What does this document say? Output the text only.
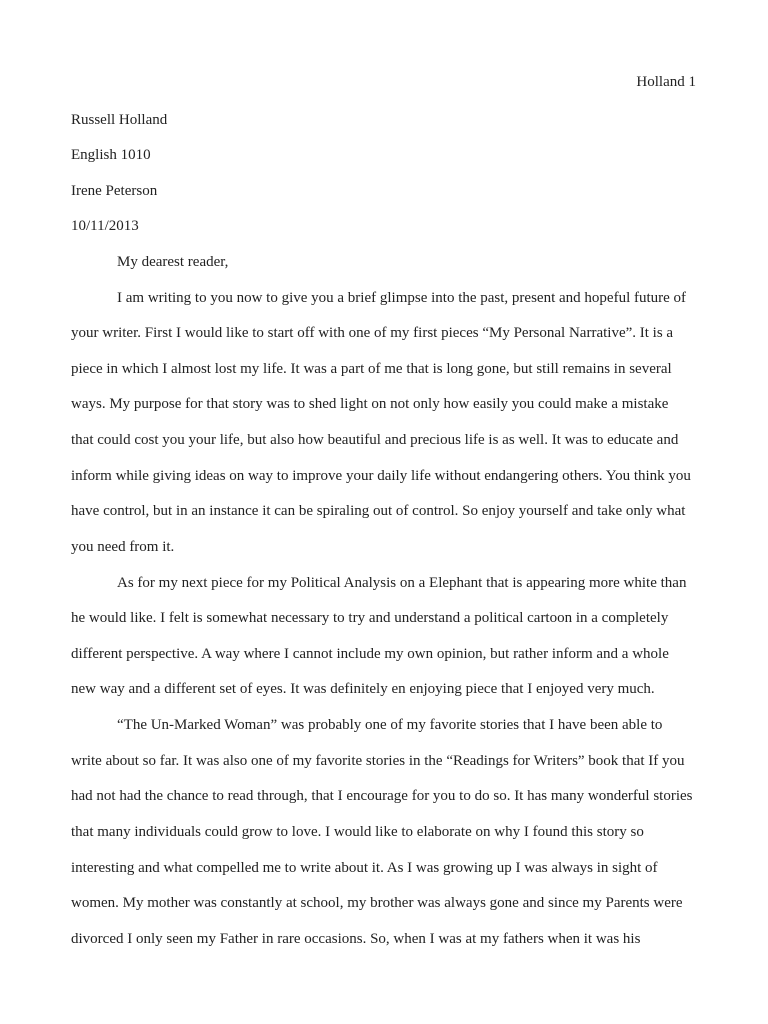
Holland 1
Russell Holland
English 1010
Irene Peterson
10/11/2013
My dearest reader,
I am writing to you now to give you a brief glimpse into the past, present and hopeful future of
your writer. First I would like to start off with one of my first pieces “My Personal Narrative”. It is a
piece in which I almost lost my life. It was a part of me that is long gone, but still remains in several
ways. My purpose for that story was to shed light on not only how easily you could make a mistake
that could cost you your life, but also how beautiful and precious life is as well. It was to educate and
inform while giving ideas on way to improve your daily life without endangering others. You think you
have control, but in an instance it can be spiraling out of control. So enjoy yourself and take only what
you need from it.
As for my next piece for my Political Analysis on a Elephant that is appearing more white than
he would like. I felt is somewhat necessary to try and understand a political cartoon in a completely
different perspective. A way where I cannot include my own opinion, but rather inform and a whole
new way and a different set of eyes. It was definitely en enjoying piece that I enjoyed very much.
“The Un-Marked Woman” was probably one of my favorite stories that I have been able to
write about so far. It was also one of my favorite stories in the “Readings for Writers” book that If you
had not had the chance to read through, that I encourage for you to do so. It has many wonderful stories
that many individuals could grow to love. I would like to elaborate on why I found this story so
interesting and what compelled me to write about it. As I was growing up I was always in sight of
women. My mother was constantly at school, my brother was always gone and since my Parents were
divorced I only seen my Father in rare occasions. So, when I was at my fathers when it was his
